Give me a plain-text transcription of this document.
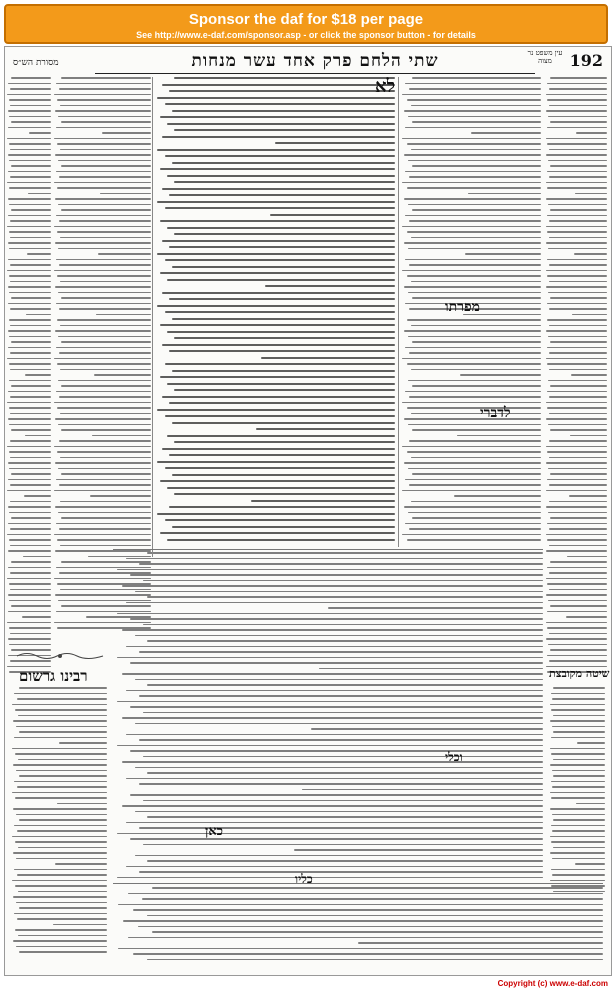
Sponsor the daf for $18 per page
See http://www.e-daf.com/sponsor.asp - or click the sponsor button - for details
מסורת הש״ס	שתי הלחם פרק אחד עשר מנחות	עין משפט נר מצוה	192
לא
מפרתו
לדברי
וכלי
כאן
כליו
רבינו גרשום	שיטה מקובצת
Copyright (c) www.e-daf.com
